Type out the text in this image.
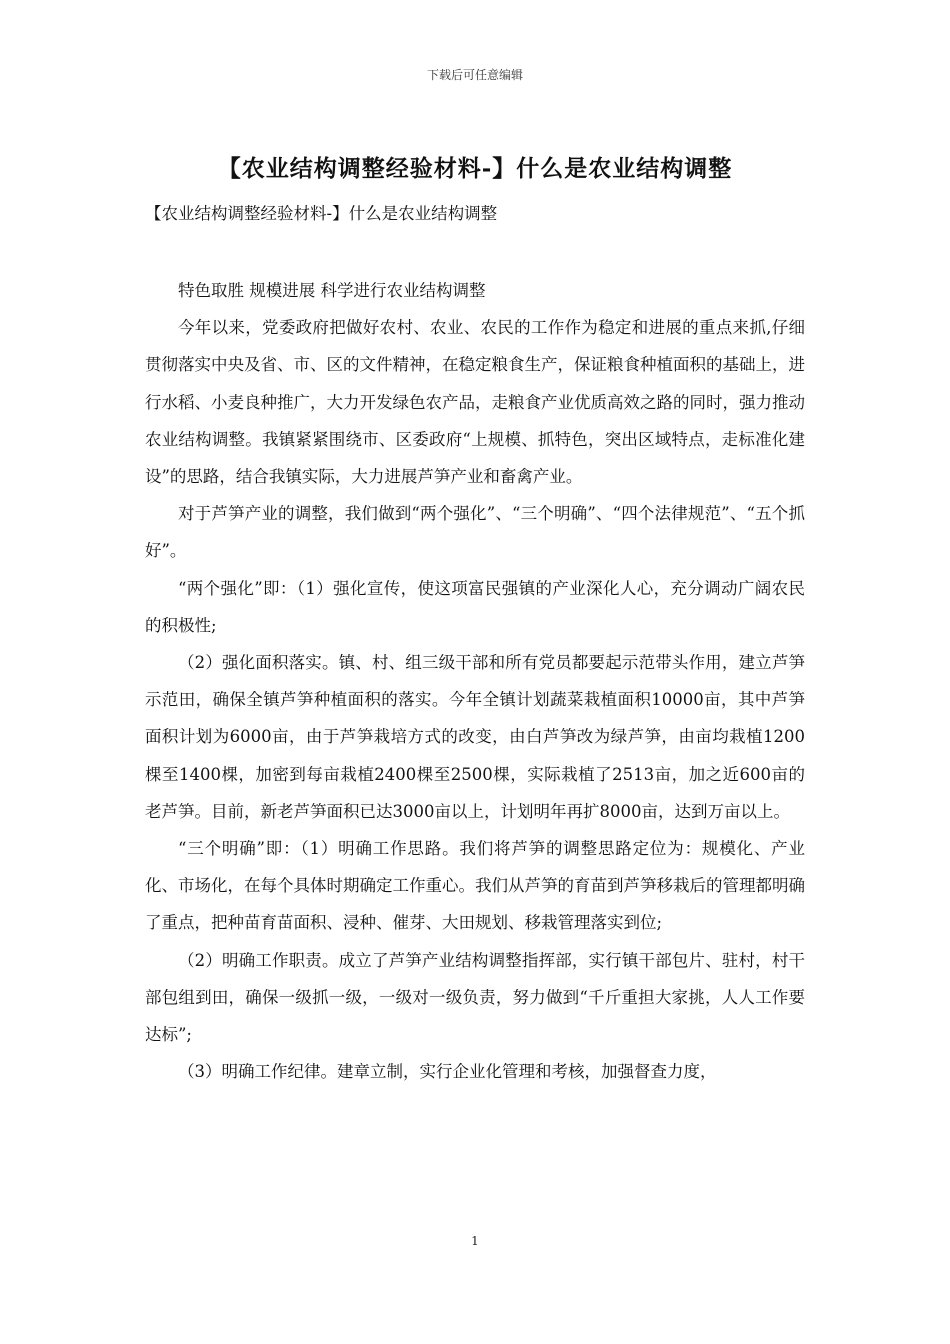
下载后可任意编辑
【农业结构调整经验材料-】什么是农业结构调整

【农业结构调整经验材料-】什么是农业结构调整

特色取胜 规模进展 科学进行农业结构调整

今年以来，党委政府把做好农村、农业、农民的工作作为稳定和进展的重点来抓,仔细贯彻落实中央及省、市、区的文件精神，在稳定粮食生产，保证粮食种植面积的基础上，进行水稻、小麦良种推广，大力开发绿色农产品，走粮食产业优质高效之路的同时，强力推动农业结构调整。我镇紧紧围绕市、区委政府“上规模、抓特色，突出区域特点，走标准化建设”的思路，结合我镇实际，大力进展芦笋产业和畜禽产业。

对于芦笋产业的调整，我们做到“两个强化”、“三个明确”、“四个法律规范”、“五个抓好”。

“两个强化”即：（1）强化宣传，使这项富民强镇的产业深化人心，充分调动广阔农民的积极性;

（2）强化面积落实。镇、村、组三级干部和所有党员都要起示范带头作用，建立芦笋示范田，确保全镇芦笋种植面积的落实。今年全镇计划蔬菜栽植面积10000亩，其中芦笋面积计划为6000亩，由于芦笋栽培方式的改变，由白芦笋改为绿芦笋，由亩均栽植1200棵至1400棵，加密到每亩栽植2400棵至2500棵，实际栽植了2513亩，加之近600亩的老芦笋。目前，新老芦笋面积已达3000亩以上，计划明年再扩8000亩，达到万亩以上。

“三个明确”即：（1）明确工作思路。我们将芦笋的调整思路定位为：规模化、产业化、市场化，在每个具体时期确定工作重心。我们从芦笋的育苗到芦笋移栽后的管理都明确了重点，把种苗育苗面积、浸种、催芽、大田规划、移栽管理落实到位;

（2）明确工作职责。成立了芦笋产业结构调整指挥部，实行镇干部包片、驻村，村干部包组到田，确保一级抓一级，一级对一级负责，努力做到“千斤重担大家挑，人人工作要达标”;

（3）明确工作纪律。建章立制，实行企业化管理和考核，加强督查力度，

1
